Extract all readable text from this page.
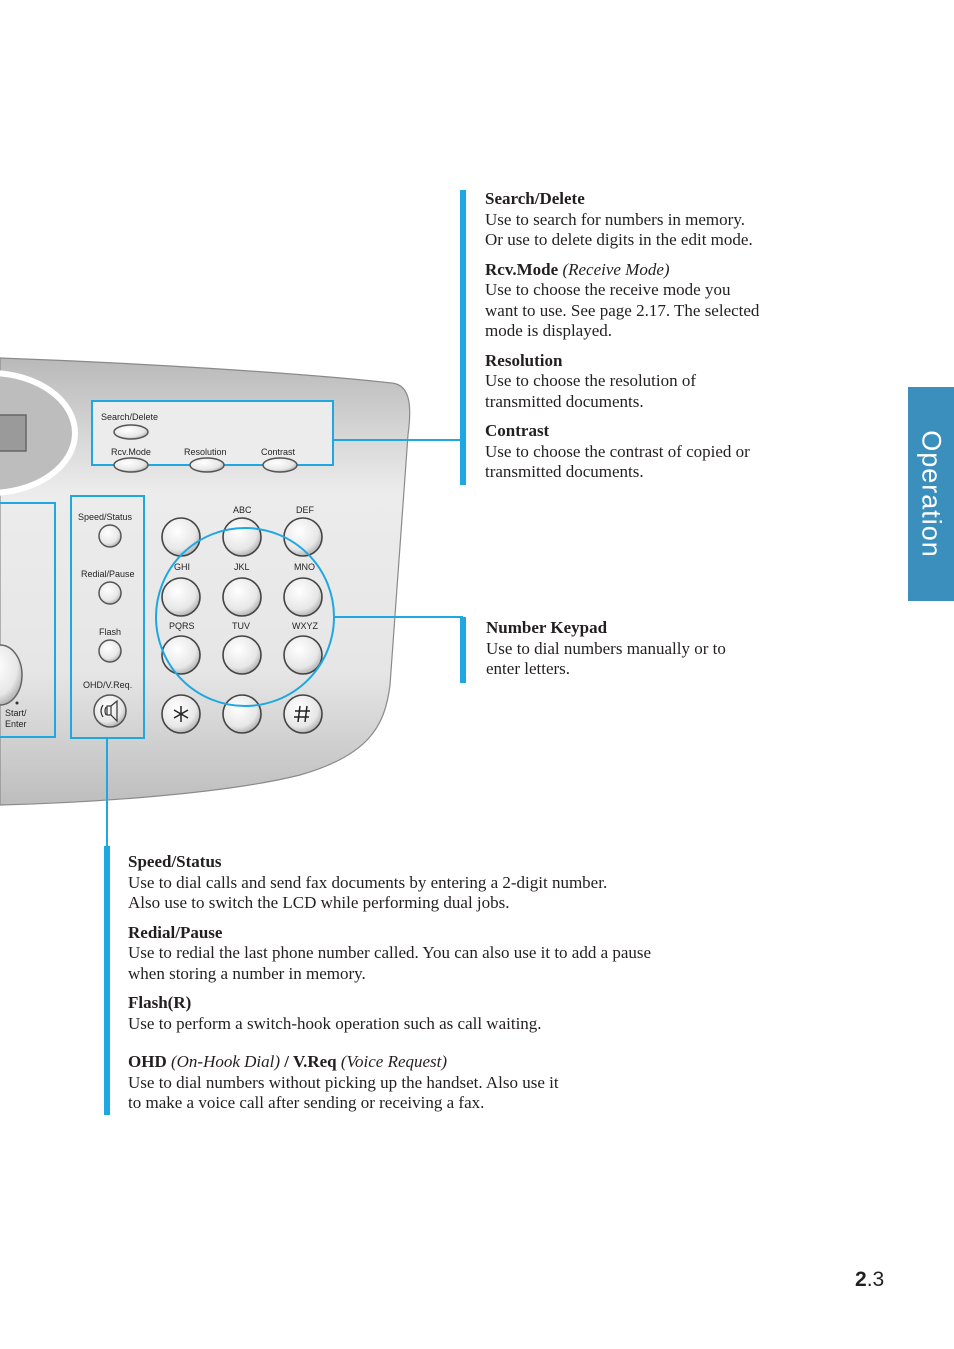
Search/Delete
Rcv.Mode	Resolution	Contrast
Start/
Enter
Speed/Status
Redial/Pause
Flash
OHD/V.Req.
ABC	DEF
GHI	JKL	MNO
PQRS	TUV	WXYZ
Search/Delete
Use to search for numbers in memory.
Or use to delete digits in the edit mode.
Rcv.Mode (Receive Mode)
Use to choose the receive mode you
want to use. See page 2.17. The selected
mode is displayed.
Resolution
Use to choose the resolution of
transmitted documents.
Contrast
Use to choose the contrast of copied or
transmitted documents.
Number Keypad
Use to dial numbers manually or to
enter letters.
Speed/Status
Use to dial calls and send fax documents by entering a 2-digit number.
Also use to switch the LCD while performing dual jobs.
Redial/Pause
Use to redial the last phone number called. You can also use it to add a pause
when storing a number in memory.
Flash(R)
Use to perform a switch-hook operation such as call waiting.
OHD (On-Hook Dial) / V.Req (Voice Request)
Use to dial numbers without picking up the handset. Also use it
to make a voice call after sending or receiving a fax.
Operation
2.3
